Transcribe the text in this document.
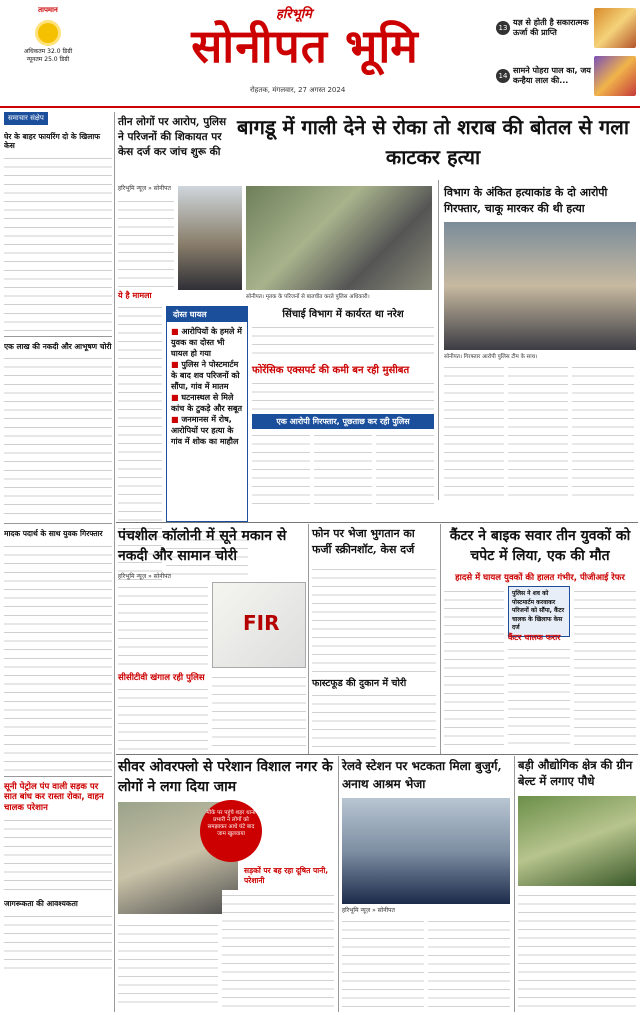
तापमान
अधिकतम 32.0 डिग्री
न्यूनतम 25.0 डिग्री
हरिभूमि
सोनीपत भूमि
रोहतक, मंगलवार, 27 अगस्त 2024
13
यज्ञ से होती है सकारात्मक ऊर्जा की प्राप्ति
14
सामने पोहरा पाल का, जय कन्हैया लाल की...
समाचार संक्षेप
घेर के बाहर फायरिंग दो के खिलाफ केस
एक लाख की नकदी और आभूषण चोरी
मादक पदार्थ के साथ युवक गिरफ्तार
सूनी पेट्रोल पंप वाली सड़क पर सात बांध कर रास्ता रोका, वाहन चालक परेशान
जागरूकता की आवश्यकता
तीन लोगों पर आरोप, पुलिस ने परिजनों की शिकायत पर केस दर्ज कर जांच शुरू की
बागडू में गाली देने से रोका तो शराब की बोतल से गला काटकर हत्या
हरिभूमि न्यूज़ » सोनीपत
सोनीपत। मृतक के परिजनों से बातचीत करते पुलिस अधिकारी।
ये है मामला
दोस्त घायल
■ आरोपियों के हमले में युवक का दोस्त भी घायल हो गया
■ पुलिस ने पोस्टमार्टम के बाद शव परिजनों को सौंपा, गांव में मातम
■ घटनास्थल से मिले कांच के टुकड़े और सबूत
■ जनमानस में रोष, आरोपियों पर हत्या के गांव में शोक का माहौल
सिंचाई विभाग में कार्यरत था नरेश
फोरेंसिक एक्सपर्ट की कमी बन रही मुसीबत
एक आरोपी गिरफ्तार, पूछताछ कर रही पुलिस
विभाग के अंकित हत्याकांड के दो आरोपी गिरफ्तार, चाकू मारकर की थी हत्या
सोनीपत। गिरफ्तार आरोपी पुलिस टीम के साथ।
पंचशील कॉलोनी में सूने मकान से नकदी और सामान चोरी
हरिभूमि न्यूज़ » सोनीपत
FIR
सीसीटीवी खंगाल रही पुलिस
फोन पर भेजा भुगतान का फर्जी स्क्रीनशॉट, केस दर्ज
फास्टफूड की दुकान में चोरी
कैंटर ने बाइक सवार तीन युवकों को चपेट में लिया, एक की मौत
हादसे में घायल युवकों की हालत गंभीर, पीजीआई रेफर
पुलिस ने शव को पोस्टमार्टम करवाकर परिजनों को सौंपा, कैंटर चालक के खिलाफ केस दर्ज
कैंटर चालक फरार
सीवर ओवरफ्लो से परेशान विशाल नगर के लोगों ने लगा दिया जाम
मौके पर पहुंचे शहर थाना प्रभारी ने लोगों को समझाकर आधे घंटे बाद जाम खुलवाया
सड़कों पर बह रहा दूषित पानी, परेशानी
रेलवे स्टेशन पर भटकता मिला बुजुर्ग, अनाथ आश्रम भेजा
हरिभूमि न्यूज़ » सोनीपत
बड़ी औद्योगिक क्षेत्र की ग्रीन बेल्ट में लगाए पौधे
